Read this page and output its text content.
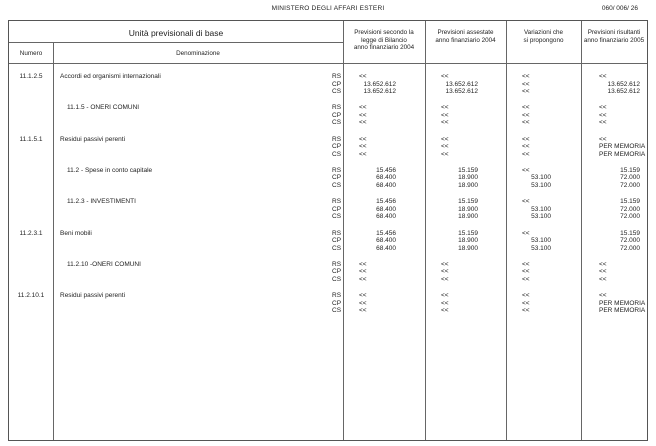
MINISTERO DEGLI AFFARI ESTERI	060/ 006/ 26
Unità previsionali di base
Numero	Denominazione
Previsioni secondo la
legge di Bilancio
anno finanziario 2004
Previsioni assestate
anno finanziario 2004
Variazioni che
si propongono
Previsioni risultanti
anno finanziario 2005
11.1.2.5	Accordi ed organismi internazionali	RS	<<	<<	<<	<<
CP	13.652.612	13.652.612	<<	13.652.612
CS	13.652.612	13.652.612	<<	13.652.612
11.1.5 - ONERI COMUNI	RS	<<	<<	<<	<<
CP	<<	<<	<<	<<
CS	<<	<<	<<	<<
11.1.5.1	Residui passivi perenti	RS	<<	<<	<<	<<
CP	<<	<<	<<	PER MEMORIA
CS	<<	<<	<<	PER MEMORIA
11.2 - Spese in conto capitale	RS	15.456	15.159	<<	15.159
CP	68.400	18.900	53.100	72.000
CS	68.400	18.900	53.100	72.000
11.2.3 - INVESTIMENTI	RS	15.456	15.159	<<	15.159
CP	68.400	18.900	53.100	72.000
CS	68.400	18.900	53.100	72.000
11.2.3.1	Beni mobili	RS	15.456	15.159	<<	15.159
CP	68.400	18.900	53.100	72.000
CS	68.400	18.900	53.100	72.000
11.2.10 -ONERI COMUNI	RS	<<	<<	<<	<<
CP	<<	<<	<<	<<
CS	<<	<<	<<	<<
11.2.10.1	Residui passivi perenti	RS	<<	<<	<<	<<
CP	<<	<<	<<	PER MEMORIA
CS	<<	<<	<<	PER MEMORIA
